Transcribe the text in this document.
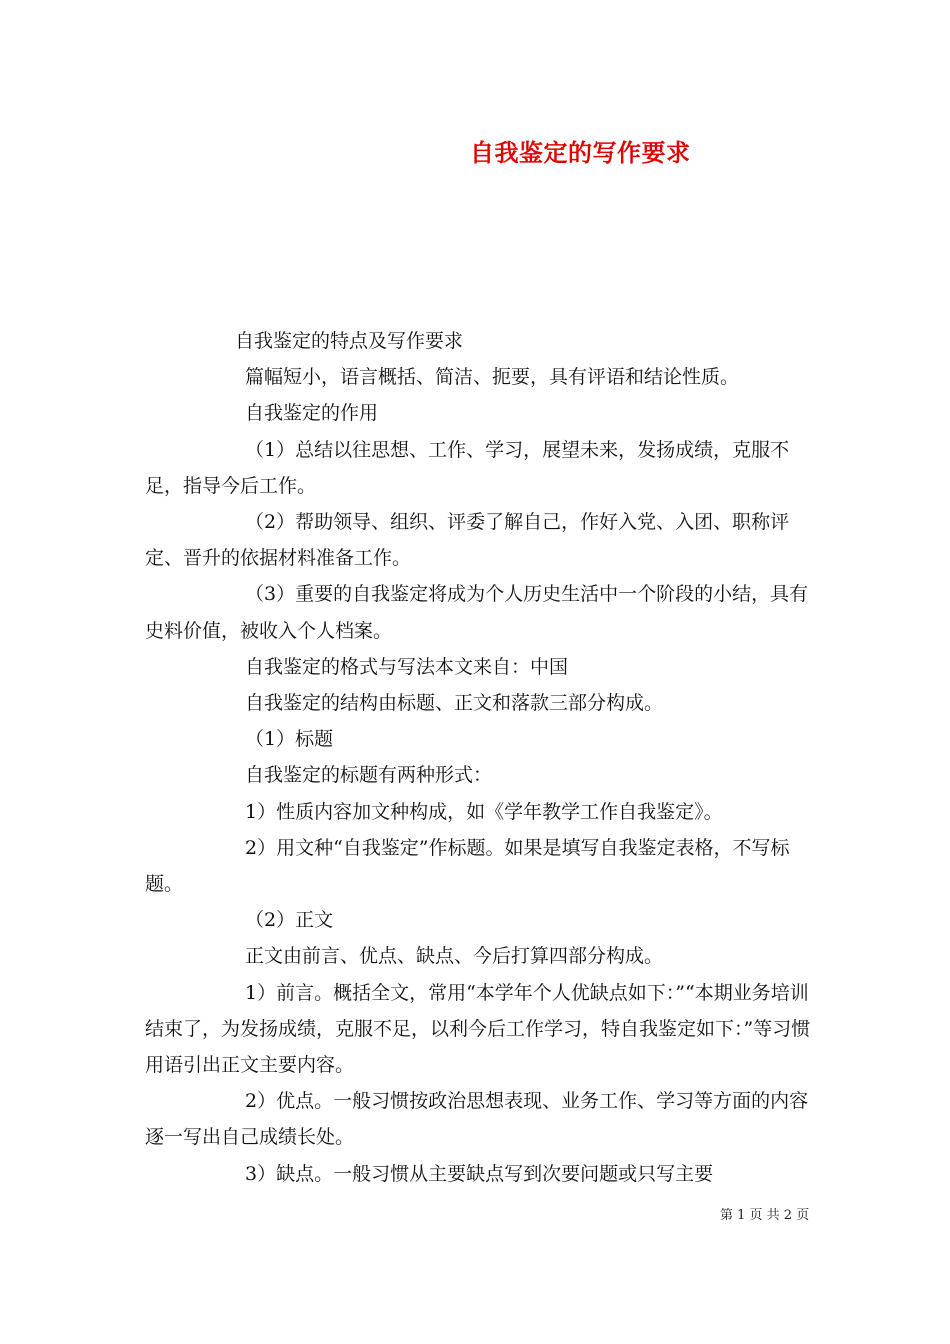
自我鉴定的写作要求

自我鉴定的特点及写作要求

篇幅短小，语言概括、简洁、扼要，具有评语和结论性质。

自我鉴定的作用

（1）总结以往思想、工作、学习，展望未来，发扬成绩，克服不足，指导今后工作。

（2）帮助领导、组织、评委了解自己，作好入党、入团、职称评定、晋升的依据材料准备工作。

（3）重要的自我鉴定将成为个人历史生活中一个阶段的小结，具有史料价值，被收入个人档案。

自我鉴定的格式与写法本文来自：中国

自我鉴定的结构由标题、正文和落款三部分构成。

（1）标题

自我鉴定的标题有两种形式：

1）性质内容加文种构成，如《学年教学工作自我鉴定》。

2）用文种“自我鉴定”作标题。如果是填写自我鉴定表格，不写标题。

（2）正文

正文由前言、优点、缺点、今后打算四部分构成。

1）前言。概括全文，常用“本学年个人优缺点如下：”“本期业务培训结束了，为发扬成绩，克服不足，以利今后工作学习，特自我鉴定如下：”等习惯用语引出正文主要内容。

2）优点。一般习惯按政治思想表现、业务工作、学习等方面的内容逐一写出自己成绩长处。

3）缺点。一般习惯从主要缺点写到次要问题或只写主要

第 1 页 共 2 页
